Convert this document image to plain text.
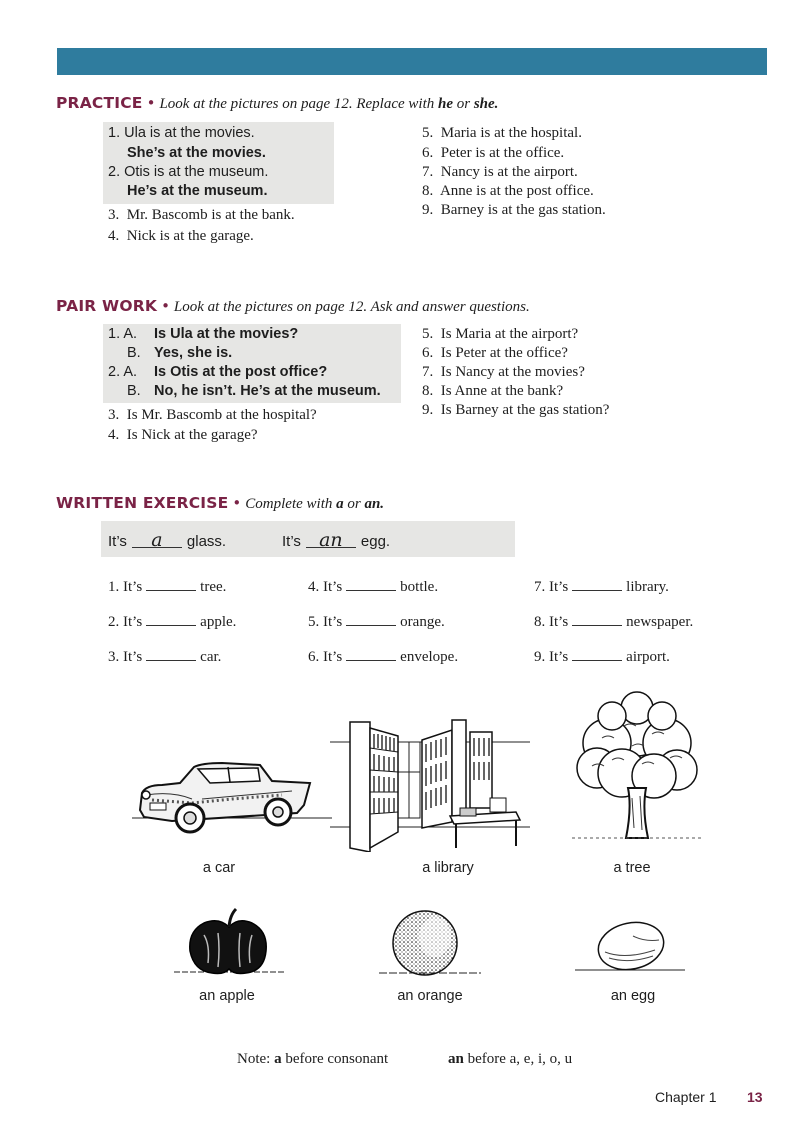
PRACTICE • Look at the pictures on page 12. Replace with he or she.
1. Ula is at the movies.
She’s at the movies.
2. Otis is at the museum.
He’s at the museum.
3. Mr. Bascomb is at the bank.
4. Nick is at the garage.
5. Maria is at the hospital.
6. Peter is at the office.
7. Nancy is at the airport.
8. Anne is at the post office.
9. Barney is at the gas station.
PAIR WORK • Look at the pictures on page 12. Ask and answer questions.
1. A. Is Ula at the movies?
B. Yes, she is.
2. A. Is Otis at the post office?
B. No, he isn’t. He’s at the museum.
3. Is Mr. Bascomb at the hospital?
4. Is Nick at the garage?
5. Is Maria at the airport?
6. Is Peter at the office?
7. Is Nancy at the movies?
8. Is Anne at the bank?
9. Is Barney at the gas station?
WRITTEN EXERCISE • Complete with a or an.
It’s a glass.	It’s an egg.
1. It’s	tree.
2. It’s	apple.
3. It’s	car.
4. It’s	bottle.
5. It’s	orange.
6. It’s	envelope.
7. It’s	library.
8. It’s	newspaper.
9. It’s	airport.
a car	a library	a tree
an apple	an orange	an egg
Note: a before consonant	an before a, e, i, o, u
Chapter 1 13
